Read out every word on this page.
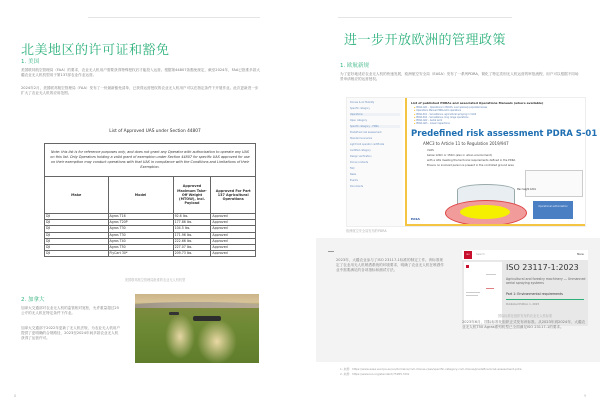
北美地区的许可证和豁免
1. 美国
美国联邦航空管理局（FAA）的要求，农业无人机用户需要获得特殊授权后才能投入运营。根据第44807条豁免规定，截至2024年，FAA已批准多款大疆农业无人机机型用于第137部农业作业运营。
2024年2月，美国联邦航空管理局（FAA）发布了一份最新豁免清单，已获得运营授权的农业无人机用户可以在指定条件下开展作业。此次更新进一步扩大了农业无人机的应用范围。
List of Approved UAS under Section 44807
Note: this list is for reference purposes only, and does not grant any Operator with authorization to operate any UAS on this list. Only Operators holding a valid grant of exemption under Section 44807 for specific UAS approved for use on their exemption may conduct operations with that UAS in compliance with the Conditions and Limitations of their Exemption.
Make	Model	Approved Maximum Take-Off Weight (MTOW), incl. Payload	Approved For Part 137 Agricultural Operations
DJI	Agras T16	92.6 lbs.	Approved
DJI	Agras T20P	177.86 lbs.	Approved
DJI	Agras T30	104.5 lbs.	Approved
DJI	Agras T30	171.96 lbs.	Approved
DJI	Agras T40	222.66 lbs.	Approved
DJI	Agras T50	227.07 lbs.	Approved
DJI	FlyCart 30*	209.73 lbs.	Approved
美国联邦航空管理局批准的农业无人机机型
2. 加拿大
加拿大交通部对农业无人机的监管相对宽松，允许重量超过25公斤的无人机在特定条件下作业。
加拿大交通部于2022年更新了无人机法规，为农业无人机用户提供了更明确的合规路径，2023至2024年间多款农业无人机获得了运营许可。
8
进一步开放欧洲的管理政策
1. 欧航新规
为了更好地适应农业无人机的快速发展，欧洲航空安全局（EASA）发布了一系列PDRA，简化了特定类别无人机运营的审批流程，用户可以根据不同场景申请相应的运营授权。
Drones & Air Mobility
Specific category
Operations
Open category
Specific category – PDRA
Predefined risk assessment
Standard scenarios
Light UAS operator certificate
Certified category
Design verification
Drone incidents
FAQ
News
Events
Documents
List of published PDRAs and associated Operations Manuals (where available)
▪ PDRA-G01 – Operations in BVLOS, over sparsely populated areas
▪ Operations Manual PDRA-G01 operations
▪ PDRA-S01 – Surveillance, agricultural spraying in VLOS
▪ PDRA-S02 – Surveillance, long range operations
▪ PDRA-G02 – Aerial work
▪ PDRA-G03 – Linear inspections
Predefined risk assessment PDRA S-01
AMC3 to Article 11 to Regulation 2019/947
VLOS
below 120m or 150m (also in urban environment)
with a UAS meeting the technical requirements defined in the PDRA
Ensure no involved person is present in the controlled ground area
Max height 120m
Operational authorisation
EASA
欧洲航空安全局发布的PDRA
2023年，大疆农业参与了ISO 23117-1标准的制定工作。该标准规定了农业用无人机喷洒系统的环境要求，明确了农业无人机在喷洒作业中需要满足的各项指标和测试方法。
ISO	Search	Menu
ISO 23117-1:2023
Agricultural and forestry machinery — Unmanned aerial spraying systems
Part 1: Environmental requirements
Published Edition 1, 2023
国际标准化组织发布的农业无人机标准
2023年6月，国际标准化组织正式发布该标准。从2023年到2024年，大疆农业无人机T50 Agras系列机型已全面满足ISO 23117-1的要求。
1. 来源：https://www.easa.europa.eu/en/domains/civil-drones-rpas/specific-category-civil-drones/predefined-risk-assessment-pdra
2. 来源：https://www.iso.org/standard/75955.html
9
